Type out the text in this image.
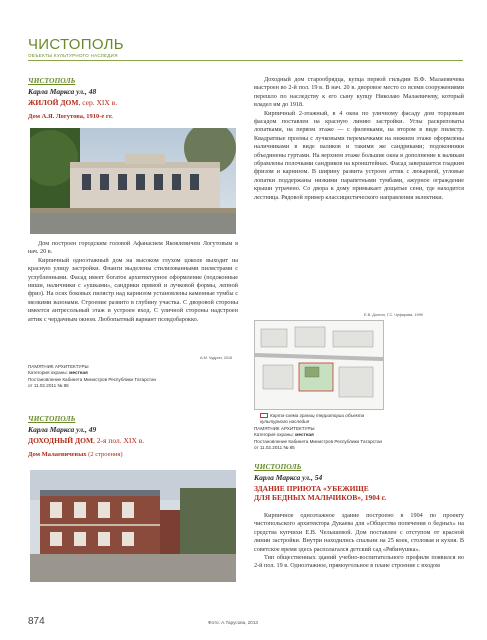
ЧИСТОПОЛЬ
ОБЪЕКТЫ КУЛЬТУРНОГО НАСЛЕДИЯ
ЧИСТОПОЛЬ
Карла Маркса ул., 48
ЖИЛОЙ ДОМ, сер. XIX в.
Дом А.Я. Логутова, 1910-е гг.

Дом построен городским головой Афанасием Яковлевичем Логутовым в нач. 20 в.

Кирпичный одноэтажный дом на высоком глухом цоколе выходит на красную улицу застройки. Фланги выделены стилизованными пилястрами с углубленными. Фасад имеет богатое архитектурное оформление (подоконные ниши, наличники с «ушками», сандрики прямой и лучковой формы, лепной фриз). На осях боковых пилястр над карнизом установлены каменные тумбы с мелкими вазонами. Строение развито в глубину участка. С дворовой стороны имеется антресольный этаж и устроен вход. С уличной стороны надстроен аттик с чердачным окном. Любопытный вариант псевдобарокко.

А.М. Чудрин, 2016
ПАМЯТНИК АРХИТЕКТУРЫ
Категория охраны: местная
Постановление Кабинета Министров Республики Татарстан
от 11.02.2011 № 85
ЧИСТОПОЛЬ
Карла Маркса ул., 49
ДОХОДНЫЙ ДОМ, 2-я пол. XIX в.
Дом Малаевичевых (2 строения)

Доходный дом старообрядца, купца первой гильдии В.Ф. Малаевичева выстроен во 2-й пол. 19 в. В нач. 20 в. дворовое место со всеми сооружениями перешло по наследству к его сыну купцу Николаю Малаевичеву, который владел им до 1918.

Кирпичный 2-этажный, в 4 окна по уличному фасаду дом торцовым фасадом поставлен на красную линию застройки. Углы раскреповаты лопатками, на первом этаже — с филенками, на втором в виде пилястр. Квадратные проемы с лучковыми перемычками на нижнем этаже оформлены наличниками в виде валиков и такими же сандриками; подоконники объединены гуртами. На верхнем этаже большие окна в дополнение к валикам обрамлены полочками сандриков на кронштейнах. Фасад завершается гладким фризом и карнизом. В ширину развита устроен аттик с люкарной, угловые лопатки поддержаны низкими парапетными тумбами, ажурное ограждение крыши утрачено. Со двора к дому примыкает дощатые сени, где находится лестница. Рядовой пример классицистического направления эклектики.

Е.В. Долгин, Г.С. Чуфарова, 1999
Карта-схема границ территории объекта культурного наследия
ПАМЯТНИК АРХИТЕКТУРЫ
Категория охраны: местная
Постановление Кабинета Министров Республики Татарстан
от 11.02.2011 № 85
ЧИСТОПОЛЬ
Карла Маркса ул., 54
ЗДАНИЕ ПРИЮТА «УБЕЖИЩЕ
ДЛЯ БЕДНЫХ МАЛЬЧИКОВ», 1904 г.

Кирпичное одноэтажное здание построено в 1904 по проекту чистопольского архитектора Дукаева для «Общества попечения о бедных» на средства купчихи Е.В. Челышевой. Дом поставлен с отступом от красной линии застройки. Внутри находились спальни на 25 коек, столовая и кухня. В советское время здесь располагался детский сад «Рябинушка».

Тип общественных зданий учебно-воспитательного профиля появился во 2-й пол. 19 в. Одноэтажное, прямоугольное в плане строение с входом

874	Фото: А.Тарусова, 2013
